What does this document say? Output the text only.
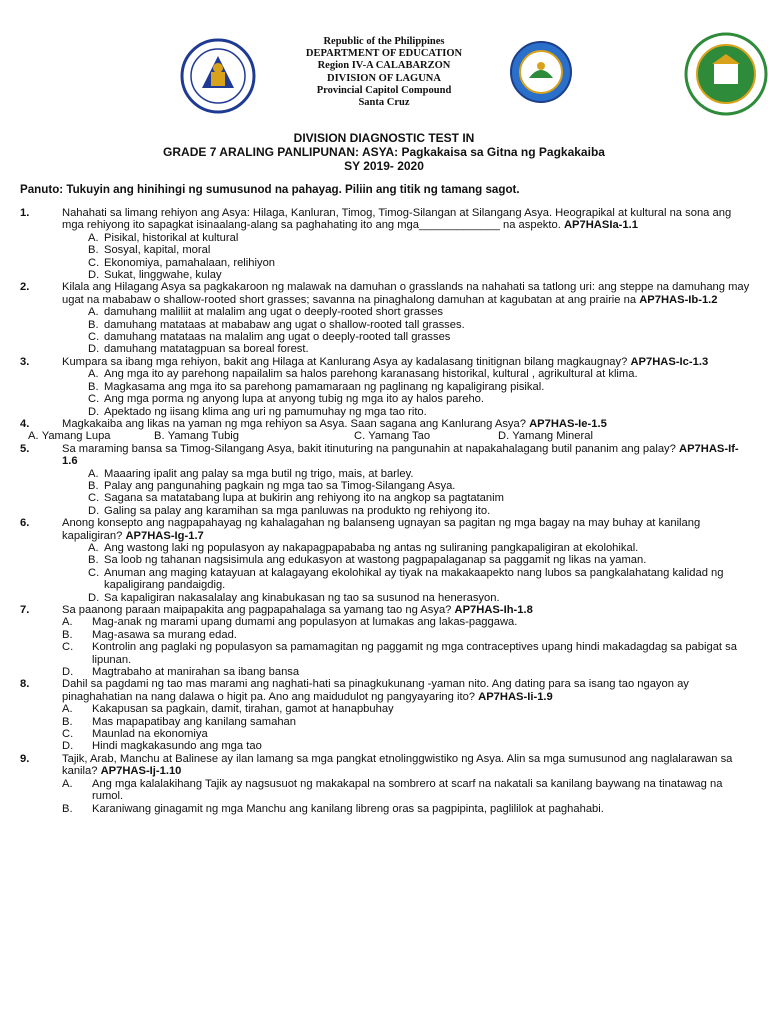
Republic of the Philippines
DEPARTMENT OF EDUCATION
Region IV-A CALABARZON
DIVISION OF LAGUNA
Provincial Capitol Compound
Santa Cruz
DIVISION DIAGNOSTIC TEST IN
GRADE 7 ARALING PANLIPUNAN: ASYA: Pagkakaisa sa Gitna ng Pagkakaiba
SY 2019- 2020
Panuto: Tukuyin ang hinihingi ng sumusunod na pahayag. Piliin ang titik ng tamang sagot.
1.	Nahahati sa limang rehiyon ang Asya: Hilaga, Kanluran, Timog, Timog-Silangan at Silangang Asya. Heograpikal at kultural na sona ang mga rehiyong ito sapagkat isinaalang-alang sa paghahating ito ang mga_____________ na aspekto. AP7HASIa-1.1
A. Pisikal, historikal at kultural
B. Sosyal, kapital, moral
C. Ekonomiya, pamahalaan, relihiyon
D. Sukat, linggwahe, kulay
2.	Kilala ang Hilagang Asya sa pagkakaroon ng malawak na damuhan o grasslands na nahahati sa tatlong uri: ang steppe na damuhang may ugat na mababaw o shallow-rooted short grasses; savanna na pinaghalong damuhan at kagubatan at ang prairie na AP7HAS-Ib-1.2
A. damuhang maliliit at malalim ang ugat o deeply-rooted short grasses
B. damuhang matataas at mababaw ang ugat o shallow-rooted tall grasses.
C. damuhang matataas na malalim ang ugat o deeply-rooted tall grasses
D. damuhang matatagpuan sa boreal forest.
3.	Kumpara sa ibang mga rehiyon, bakit ang Hilaga at Kanlurang Asya ay kadalasang tinitignan bilang magkaugnay? AP7HAS-Ic-1.3
A. Ang mga ito ay parehong napailalim sa halos parehong karanasang historikal, kultural , agrikultural at klima.
B. Magkasama ang mga ito sa parehong pamamaraan ng paglinang ng kapaligirang pisikal.
C. Ang mga porma ng anyong lupa at anyong tubig ng mga ito ay halos pareho.
D. Apektado ng iisang klima ang uri ng pamumuhay ng mga tao rito.
4.	Magkakaiba ang likas na yaman ng mga rehiyon sa Asya. Saan sagana ang Kanlurang Asya? AP7HAS-Ie-1.5
A. Yamang Lupa	B. Yamang Tubig	C. Yamang Tao	D. Yamang Mineral
5.	Sa maraming bansa sa Timog-Silangang Asya, bakit itinuturing na pangunahin at napakahalagang butil pananim ang palay? AP7HAS-If-1.6
A. Maaaring ipalit ang palay sa mga butil ng trigo, mais, at barley.
B. Palay ang pangunahing pagkain ng mga tao sa Timog-Silangang Asya.
C. Sagana sa matatabang lupa at bukirin ang rehiyong ito na angkop sa pagtatanim
D. Galing sa palay ang karamihan sa mga panluwas na produkto ng rehiyong ito.
6.	Anong konsepto ang nagpapahayag ng kahalagahan ng balanseng ugnayan sa pagitan ng mga bagay na may buhay at kanilang kapaligiran? AP7HAS-Ig-1.7
A. Ang wastong laki ng populasyon ay nakapagpapababa ng antas ng suliraning pangkapaligiran at ekolohikal.
B. Sa loob ng tahanan nagsisimula ang edukasyon at wastong pagpapalaganap sa paggamit ng likas na yaman.
C. Anuman ang maging katayuan at kalagayang ekolohikal ay tiyak na makakaapekto nang lubos sa pangkalahatang kalidad ng kapaligirang pandaigdig.
D. Sa kapaligiran nakasalalay ang kinabukasan ng tao sa susunod na henerasyon.
7.	Sa paanong paraan maipapakita ang pagpapahalaga sa yamang tao ng Asya? AP7HAS-Ih-1.8
A. Mag-anak ng marami upang dumami ang populasyon at lumakas ang lakas-paggawa.
B. Mag-asawa sa murang edad.
C. Kontrolin ang paglaki ng populasyon sa pamamagitan ng paggamit ng mga contraceptives upang hindi makadagdag sa pabigat sa lipunan.
D. Magtrabaho at manirahan sa ibang bansa
8.	Dahil sa pagdami ng tao mas marami ang naghati-hati sa pinagkukunang -yaman nito. Ang dating para sa isang tao ngayon ay pinaghahatian na nang dalawa o higit pa. Ano ang maidudulot ng pangyayaring ito? AP7HAS-Ii-1.9
A. Kakapusan sa pagkain, damit, tirahan, gamot at hanapbuhay
B. Mas mapapatibay ang kanilang samahan
C. Maunlad na ekonomiya
D. Hindi magkakasundo ang mga tao
9.	Tajik, Arab, Manchu at Balinese ay ilan lamang sa mga pangkat etnolinggwistiko ng Asya. Alin sa mga sumusunod ang naglalarawan sa kanila? AP7HAS-Ij-1.10
A. Ang mga kalalakihang Tajik ay nagsusuot ng makakapal na sombrero at scarf na nakatali sa kanilang baywang na tinatawag na rumol.
B. Karaniwang ginagamit ng mga Manchu ang kanilang libreng oras sa pagpipinta, paglililok at paghahabi.
